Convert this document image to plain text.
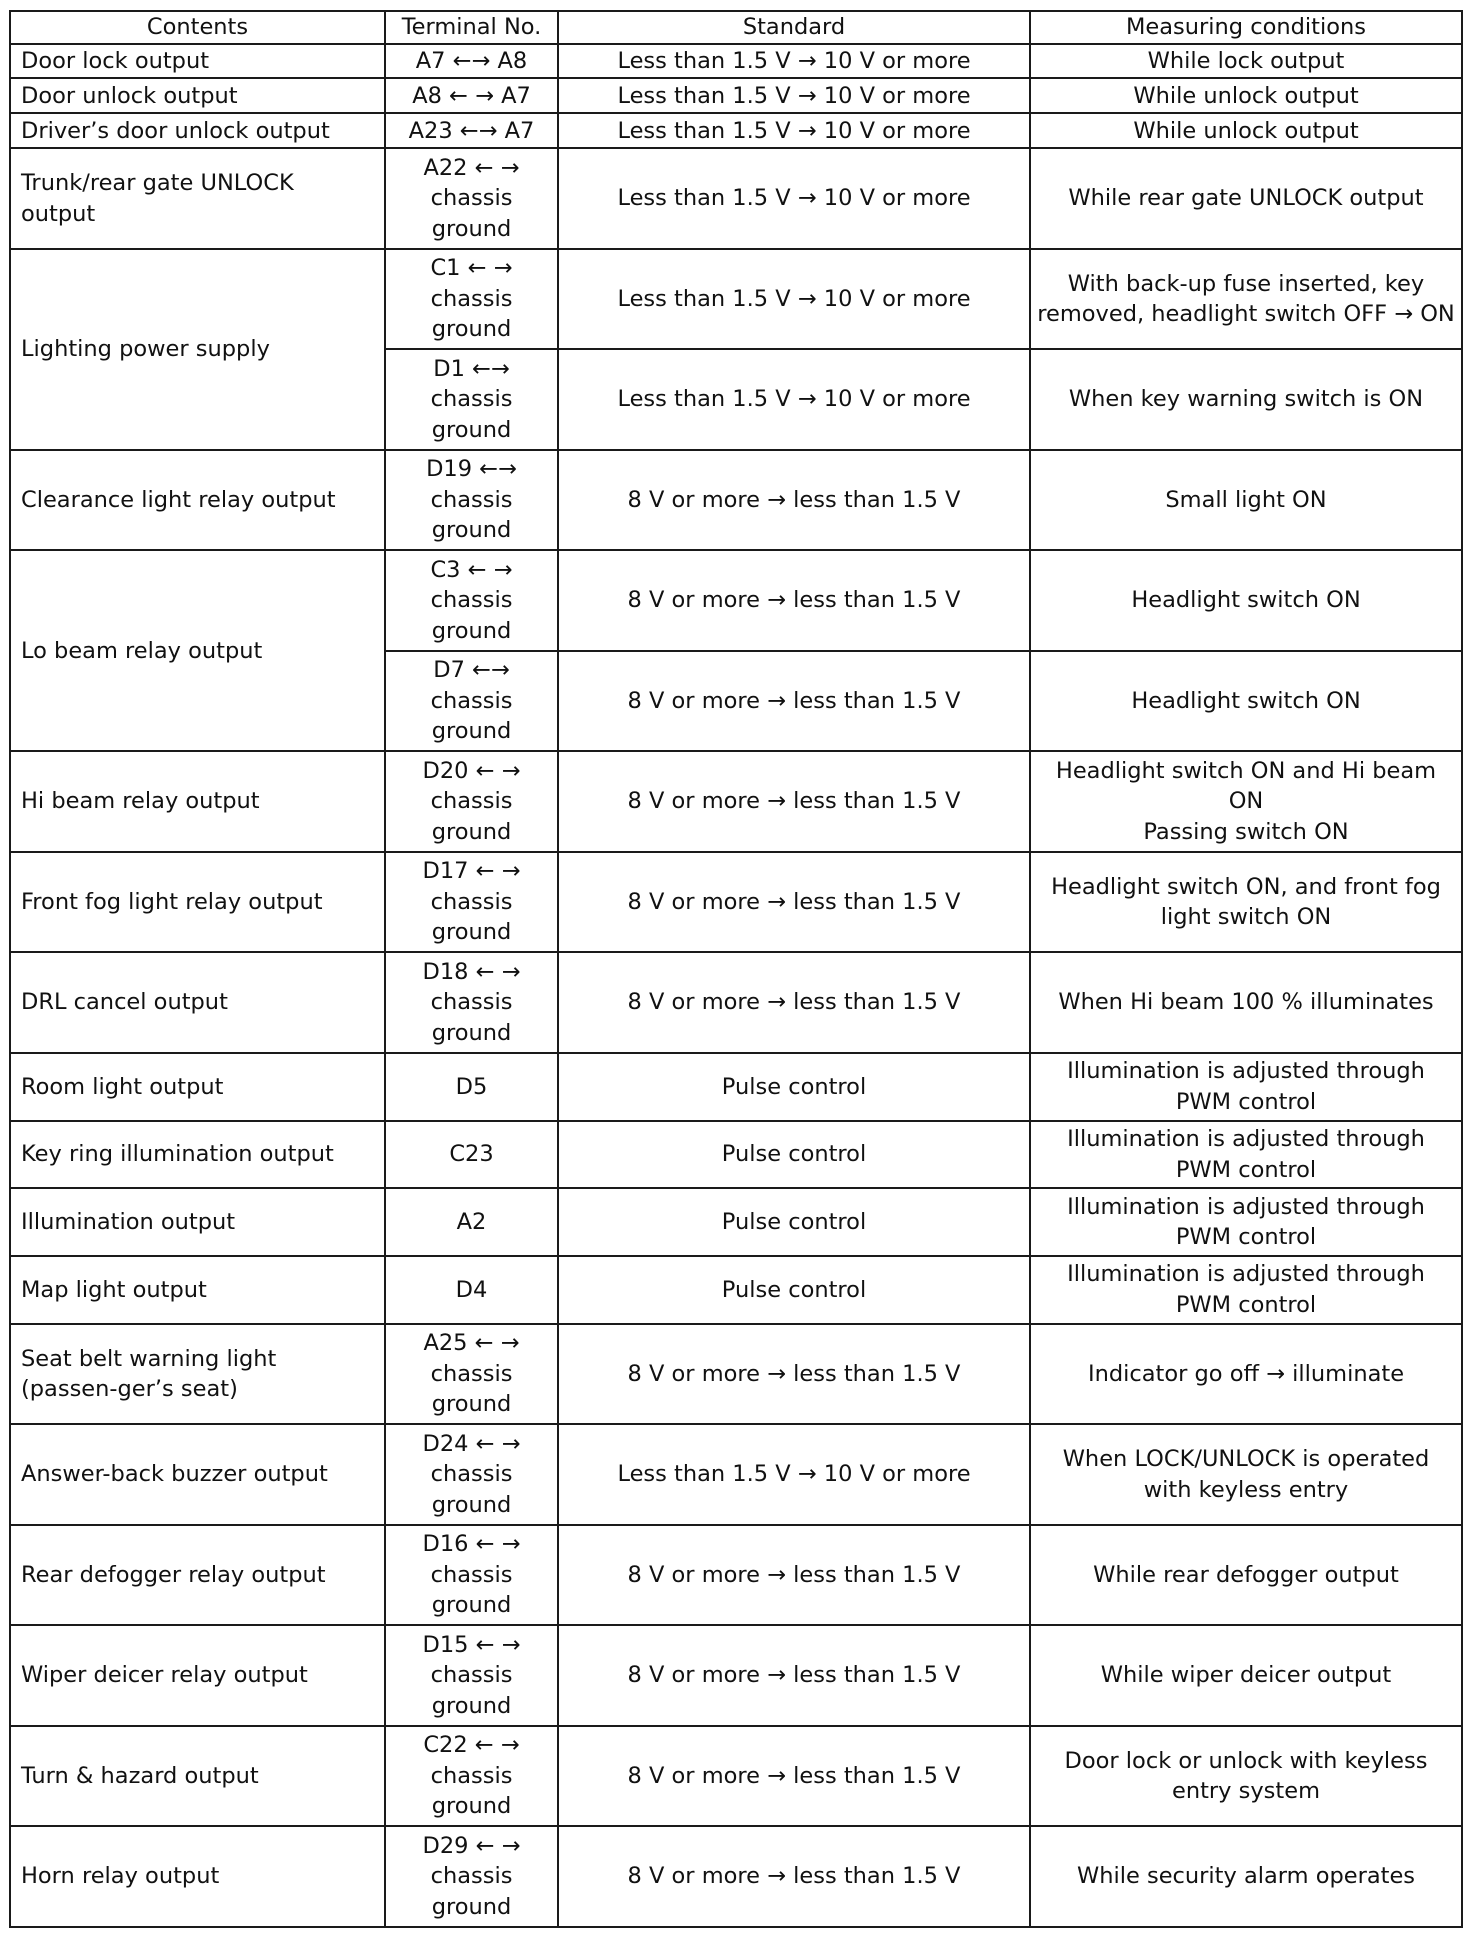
Contents	Terminal No.	Standard	Measuring conditions
Door lock output	A7 ←→ A8	Less than 1.5 V → 10 V or more	While lock output
Door unlock output	A8 ← → A7	Less than 1.5 V → 10 V or more	While unlock output
Driver’s door unlock output	A23 ←→ A7	Less than 1.5 V → 10 V or more	While unlock output
Trunk/rear gate UNLOCK output	A22 ← →
chassis
ground	Less than 1.5 V → 10 V or more	While rear gate UNLOCK output
Lighting power supply	C1 ← →
chassis
ground	Less than 1.5 V → 10 V or more	With back-up fuse inserted, key removed, headlight switch OFF → ON

	D1 ←→
chassis
ground	Less than 1.5 V → 10 V or more	When key warning switch is ON
Clearance light relay output	D19 ←→
chassis
ground	8 V or more → less than 1.5 V	Small light ON
Lo beam relay output	C3 ← →
chassis
ground	8 V or more → less than 1.5 V	Headlight switch ON

	D7 ←→
chassis
ground	8 V or more → less than 1.5 V	Headlight switch ON
Hi beam relay output	D20 ← →
chassis
ground	8 V or more → less than 1.5 V	Headlight switch ON and Hi beam ON
Passing switch ON

Front fog light relay output	D17 ← →
chassis
ground	8 V or more → less than 1.5 V	Headlight switch ON, and front fog light switch ON
DRL cancel output	D18 ← →
chassis
ground	8 V or more → less than 1.5 V	When Hi beam 100 % illuminates
Room light output	D5	Pulse control	Illumination is adjusted through PWM control
Key ring illumination output	C23	Pulse control	Illumination is adjusted through PWM control
Illumination output	A2	Pulse control	Illumination is adjusted through PWM control
Map light output	D4	Pulse control	Illumination is adjusted through PWM control
Seat belt warning light (passen-ger’s seat)	A25 ← →
chassis
ground	8 V or more → less than 1.5 V	Indicator go off → illuminate
Answer-back buzzer output	D24 ← →
chassis
ground	Less than 1.5 V → 10 V or more	When LOCK/UNLOCK is operated with keyless entry
Rear defogger relay output	D16 ← →
chassis
ground	8 V or more → less than 1.5 V	While rear defogger output
Wiper deicer relay output	D15 ← →
chassis
ground	8 V or more → less than 1.5 V	While wiper deicer output
Turn & hazard output	C22 ← →
chassis
ground	8 V or more → less than 1.5 V	Door lock or unlock with keyless entry system
Horn relay output	D29 ← →
chassis
ground	8 V or more → less than 1.5 V	While security alarm operates
